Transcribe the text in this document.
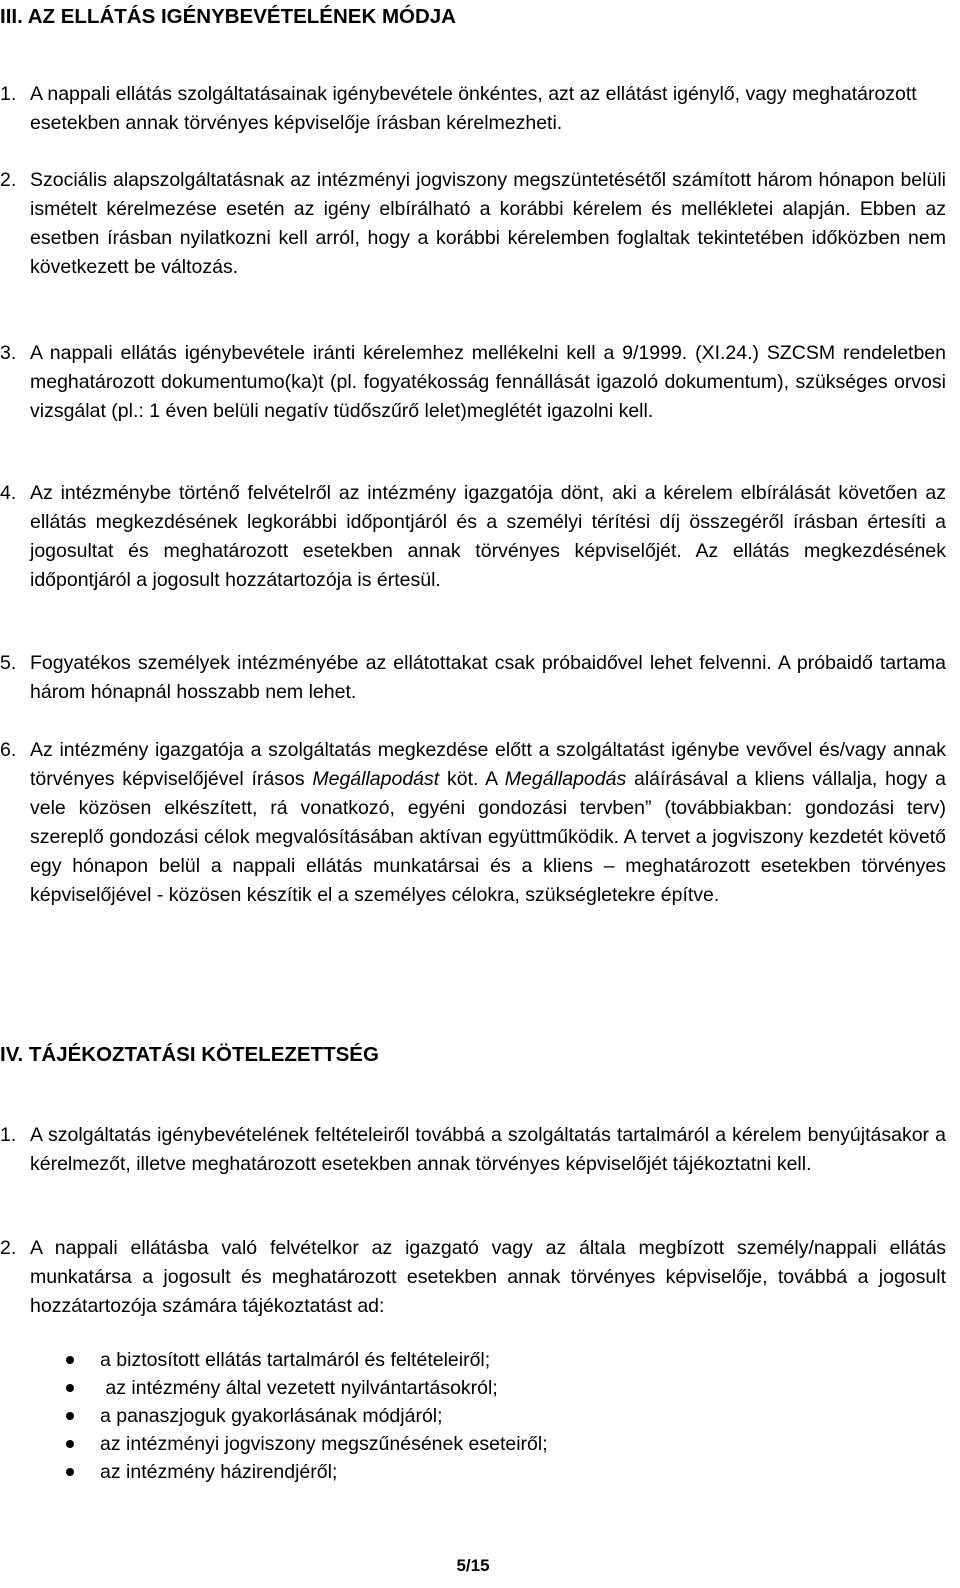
III. AZ ELLÁTÁS IGÉNYBEVÉTELÉNEK MÓDJA

1. A nappali ellátás szolgáltatásainak igénybevétele önkéntes, azt az ellátást igénylő, vagy meghatározott esetekben annak törvényes képviselője írásban kérelmezheti.

2. Szociális alapszolgáltatásnak az intézményi jogviszony megszüntetésétől számított három hónapon belüli ismételt kérelmezése esetén az igény elbírálható a korábbi kérelem és mellékletei alapján. Ebben az esetben írásban nyilatkozni kell arról, hogy a korábbi kérelemben foglaltak tekintetében időközben nem következett be változás.

3. A nappali ellátás igénybevétele iránti kérelemhez mellékelni kell a 9/1999. (XI.24.) SZCSM rendeletben meghatározott dokumentumo(ka)t (pl. fogyatékosság fennállását igazoló dokumentum), szükséges orvosi vizsgálat (pl.: 1 éven belüli negatív tüdőszűrő lelet)meglétét igazolni kell.

4. Az intézménybe történő felvételről az intézmény igazgatója dönt, aki a kérelem elbírálását követően az ellátás megkezdésének legkorábbi időpontjáról és a személyi térítési díj összegéről írásban értesíti a jogosultat és meghatározott esetekben annak törvényes képviselőjét. Az ellátás megkezdésének időpontjáról a jogosult hozzátartozója is értesül.

5. Fogyatékos személyek intézményébe az ellátottakat csak próbaidővel lehet felvenni. A próbaidő tartama három hónapnál hosszabb nem lehet.

6. Az intézmény igazgatója a szolgáltatás megkezdése előtt a szolgáltatást igénybe vevővel és/vagy annak törvényes képviselőjével írásos Megállapodást köt. A Megállapodás aláírásával a kliens vállalja, hogy a vele közösen elkészített, rá vonatkozó, egyéni gondozási tervben” (továbbiakban: gondozási terv) szereplő gondozási célok megvalósításában aktívan együttműködik. A tervet a jogviszony kezdetét követő egy hónapon belül a nappali ellátás munkatársai és a kliens – meghatározott esetekben törvényes képviselőjével - közösen készítik el a személyes célokra, szükségletekre építve.

IV. TÁJÉKOZTATÁSI KÖTELEZETTSÉG

1. A szolgáltatás igénybevételének feltételeiről továbbá a szolgáltatás tartalmáról a kérelem benyújtásakor a kérelmezőt, illetve meghatározott esetekben annak törvényes képviselőjét tájékoztatni kell.

2. A nappali ellátásba való felvételkor az igazgató vagy az általa megbízott személy/nappali ellátás munkatársa a jogosult és meghatározott esetekben annak törvényes képviselője, továbbá a jogosult hozzátartozója számára tájékoztatást ad:

a biztosított ellátás tartalmáról és feltételeiről;
az intézmény által vezetett nyilvántartásokról;
a panaszjoguk gyakorlásának módjáról;
az intézményi jogviszony megszűnésének eseteiről;
az intézmény házirendjéről;
5/15
